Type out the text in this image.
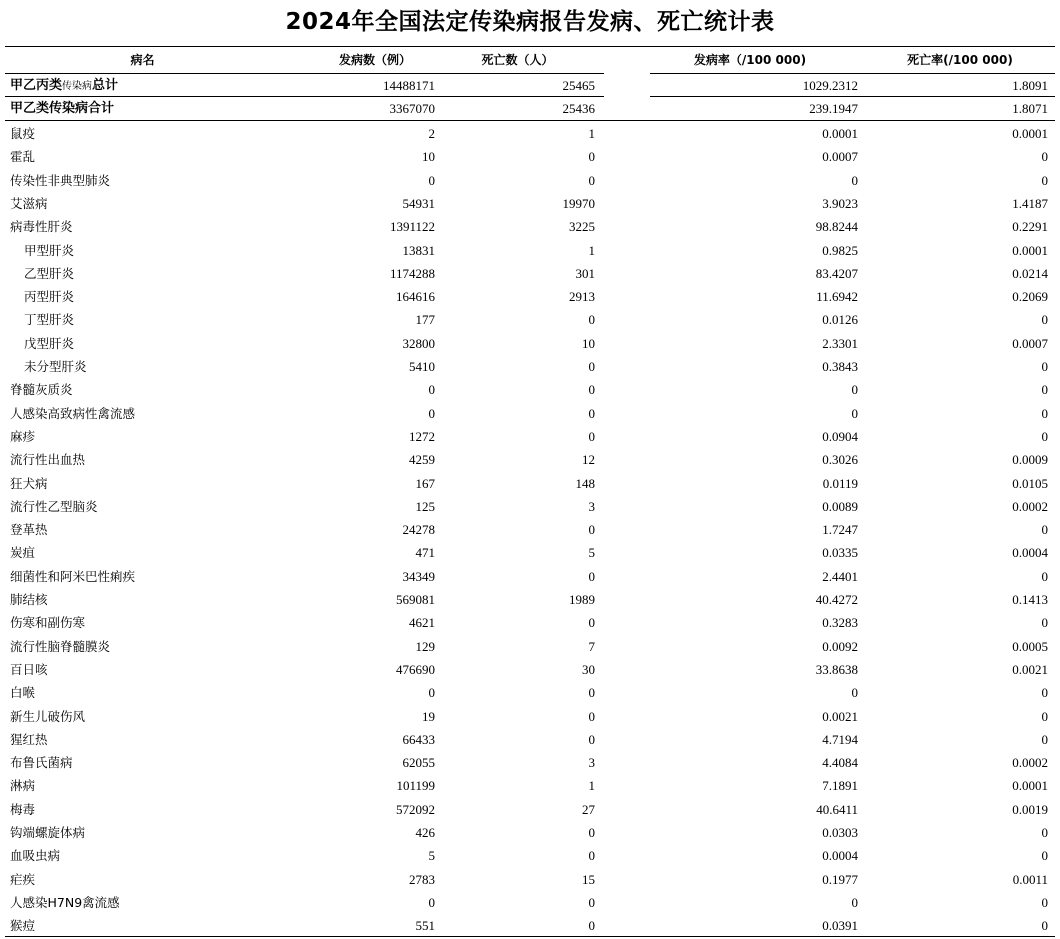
2024年全国法定传染病报告发病、死亡统计表
病名	发病数（例）	死亡数（人）	发病率（/100 000)	死亡率(/100 000)
甲乙丙类传染病总计	14488171	25465	1029.2312	1.8091
甲乙类传染病合计	3367070	25436	239.1947	1.8071
鼠疫	2	1	0.0001	0.0001
霍乱	10	0	0.0007	0
传染性非典型肺炎	0	0	0	0
艾滋病	54931	19970	3.9023	1.4187
病毒性肝炎	1391122	3225	98.8244	0.2291
甲型肝炎	13831	1	0.9825	0.0001
乙型肝炎	1174288	301	83.4207	0.0214
丙型肝炎	164616	2913	11.6942	0.2069
丁型肝炎	177	0	0.0126	0
戊型肝炎	32800	10	2.3301	0.0007
未分型肝炎	5410	0	0.3843	0
脊髓灰质炎	0	0	0	0
人感染高致病性禽流感	0	0	0	0
麻疹	1272	0	0.0904	0
流行性出血热	4259	12	0.3026	0.0009
狂犬病	167	148	0.0119	0.0105
流行性乙型脑炎	125	3	0.0089	0.0002
登革热	24278	0	1.7247	0
炭疽	471	5	0.0335	0.0004
细菌性和阿米巴性痢疾	34349	0	2.4401	0
肺结核	569081	1989	40.4272	0.1413
伤寒和副伤寒	4621	0	0.3283	0
流行性脑脊髓膜炎	129	7	0.0092	0.0005
百日咳	476690	30	33.8638	0.0021
白喉	0	0	0	0
新生儿破伤风	19	0	0.0021	0
猩红热	66433	0	4.7194	0
布鲁氏菌病	62055	3	4.4084	0.0002
淋病	101199	1	7.1891	0.0001
梅毒	572092	27	40.6411	0.0019
钩端螺旋体病	426	0	0.0303	0
血吸虫病	5	0	0.0004	0
疟疾	2783	15	0.1977	0.0011
人感染H7N9禽流感	0	0	0	0
猴痘	551	0	0.0391	0
